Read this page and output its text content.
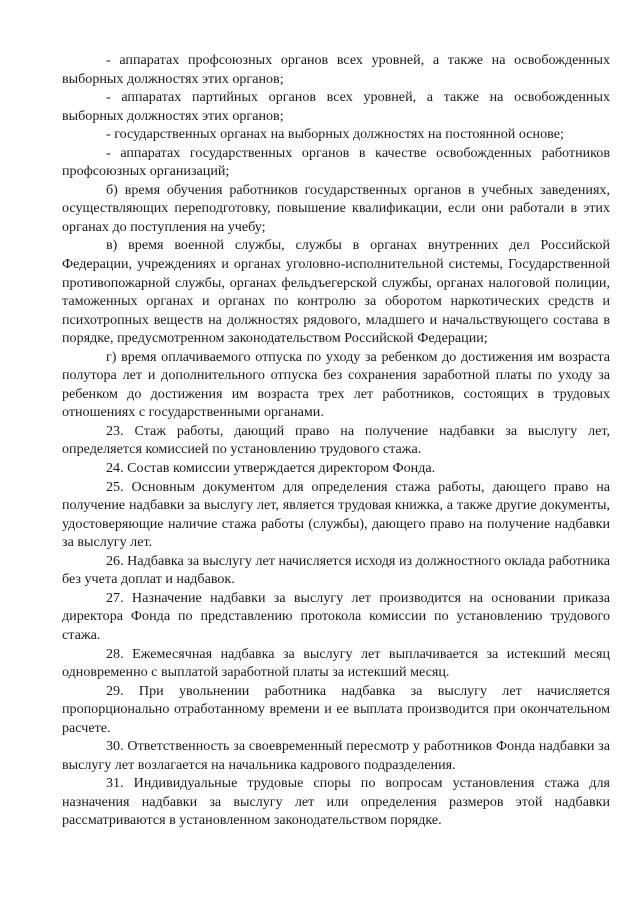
- аппаратах профсоюзных органов всех уровней, а также на освобожденных выборных должностях этих органов;

- аппаратах партийных органов всех уровней, а также на освобожденных выборных должностях этих органов;

- государственных органах на выборных должностях на постоянной основе;

- аппаратах государственных органов в качестве освобожденных работников профсоюзных организаций;

б) время обучения работников государственных органов в учебных заведениях, осуществляющих переподготовку, повышение квалификации, если они работали в этих органах до поступления на учебу;

в) время военной службы, службы в органах внутренних дел Российской Федерации, учреждениях и органах уголовно-исполнительной системы, Государственной противопожарной службы, органах фельдъегерской службы, органах налоговой полиции, таможенных органах и органах по контролю за оборотом наркотических средств и психотропных веществ на должностях рядового, младшего и начальствующего состава в порядке, предусмотренном законодательством Российской Федерации;

г) время оплачиваемого отпуска по уходу за ребенком до достижения им возраста полутора лет и дополнительного отпуска без сохранения заработной платы по уходу за ребенком до достижения им возраста трех лет работников, состоящих в трудовых отношениях с государственными органами.

23. Стаж работы, дающий право на получение надбавки за выслугу лет, определяется комиссией по установлению трудового стажа.

24. Состав комиссии утверждается директором Фонда.

25. Основным документом для определения стажа работы, дающего право на получение надбавки за выслугу лет, является трудовая книжка, а также другие документы, удостоверяющие наличие стажа работы (службы), дающего право на получение надбавки за выслугу лет.

26. Надбавка за выслугу лет начисляется исходя из должностного оклада работника без учета доплат и надбавок.

27. Назначение надбавки за выслугу лет производится на основании приказа директора Фонда по представлению протокола комиссии по установлению трудового стажа.

28. Ежемесячная надбавка за выслугу лет выплачивается за истекший месяц одновременно с выплатой заработной платы за истекший месяц.

29. При увольнении работника надбавка за выслугу лет начисляется пропорционально отработанному времени и ее выплата производится при окончательном расчете.

30. Ответственность за своевременный пересмотр у работников Фонда надбавки за выслугу лет возлагается на начальника кадрового подразделения.

31. Индивидуальные трудовые споры по вопросам установления стажа для назначения надбавки за выслугу лет или определения размеров этой надбавки рассматриваются в установленном законодательством порядке.
